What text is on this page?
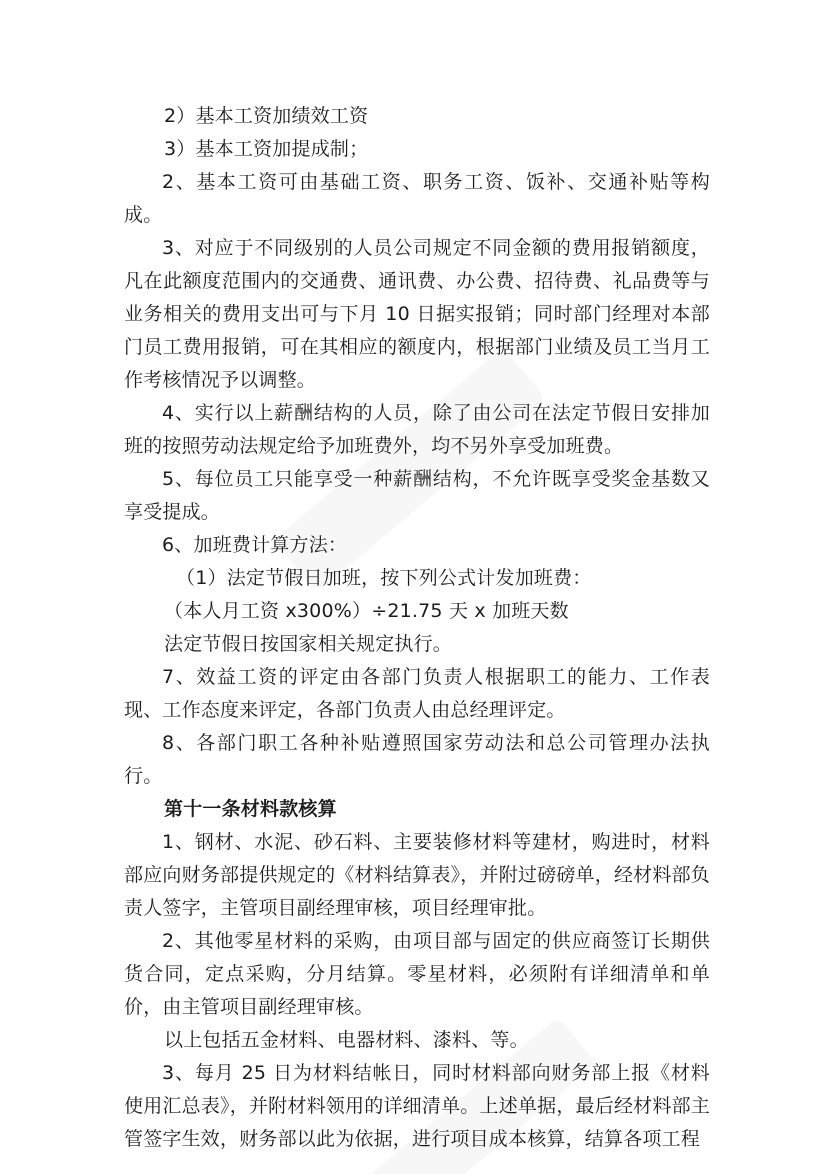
2）基本工资加绩效工资

3）基本工资加提成制；

2、基本工资可由基础工资、职务工资、饭补、交通补贴等构成。

3、对应于不同级别的人员公司规定不同金额的费用报销额度，凡在此额度范围内的交通费、通讯费、办公费、招待费、礼品费等与业务相关的费用支出可与下月 10 日据实报销；同时部门经理对本部门员工费用报销，可在其相应的额度内，根据部门业绩及员工当月工作考核情况予以调整。

4、实行以上薪酬结构的人员，除了由公司在法定节假日安排加班的按照劳动法规定给予加班费外，均不另外享受加班费。

5、每位员工只能享受一种薪酬结构，不允许既享受奖金基数又享受提成。

6、加班费计算方法：

（1）法定节假日加班，按下列公式计发加班费：

（本人月工资 x300%）÷21.75 天 x 加班天数

法定节假日按国家相关规定执行。

7、效益工资的评定由各部门负责人根据职工的能力、工作表现、工作态度来评定，各部门负责人由总经理评定。

8、各部门职工各种补贴遵照国家劳动法和总公司管理办法执行。

第十一条材料款核算

1、钢材、水泥、砂石料、主要装修材料等建材，购进时，材料部应向财务部提供规定的《材料结算表》，并附过磅磅单，经材料部负责人签字，主管项目副经理审核，项目经理审批。

2、其他零星材料的采购，由项目部与固定的供应商签订长期供货合同，定点采购，分月结算。零星材料，必须附有详细清单和单价，由主管项目副经理审核。

以上包括五金材料、电器材料、漆料、等。

3、每月 25 日为材料结帐日，同时材料部向财务部上报《材料使用汇总表》，并附材料领用的详细清单。上述单据，最后经材料部主管签字生效，财务部以此为依据，进行项目成本核算，结算各项工程
